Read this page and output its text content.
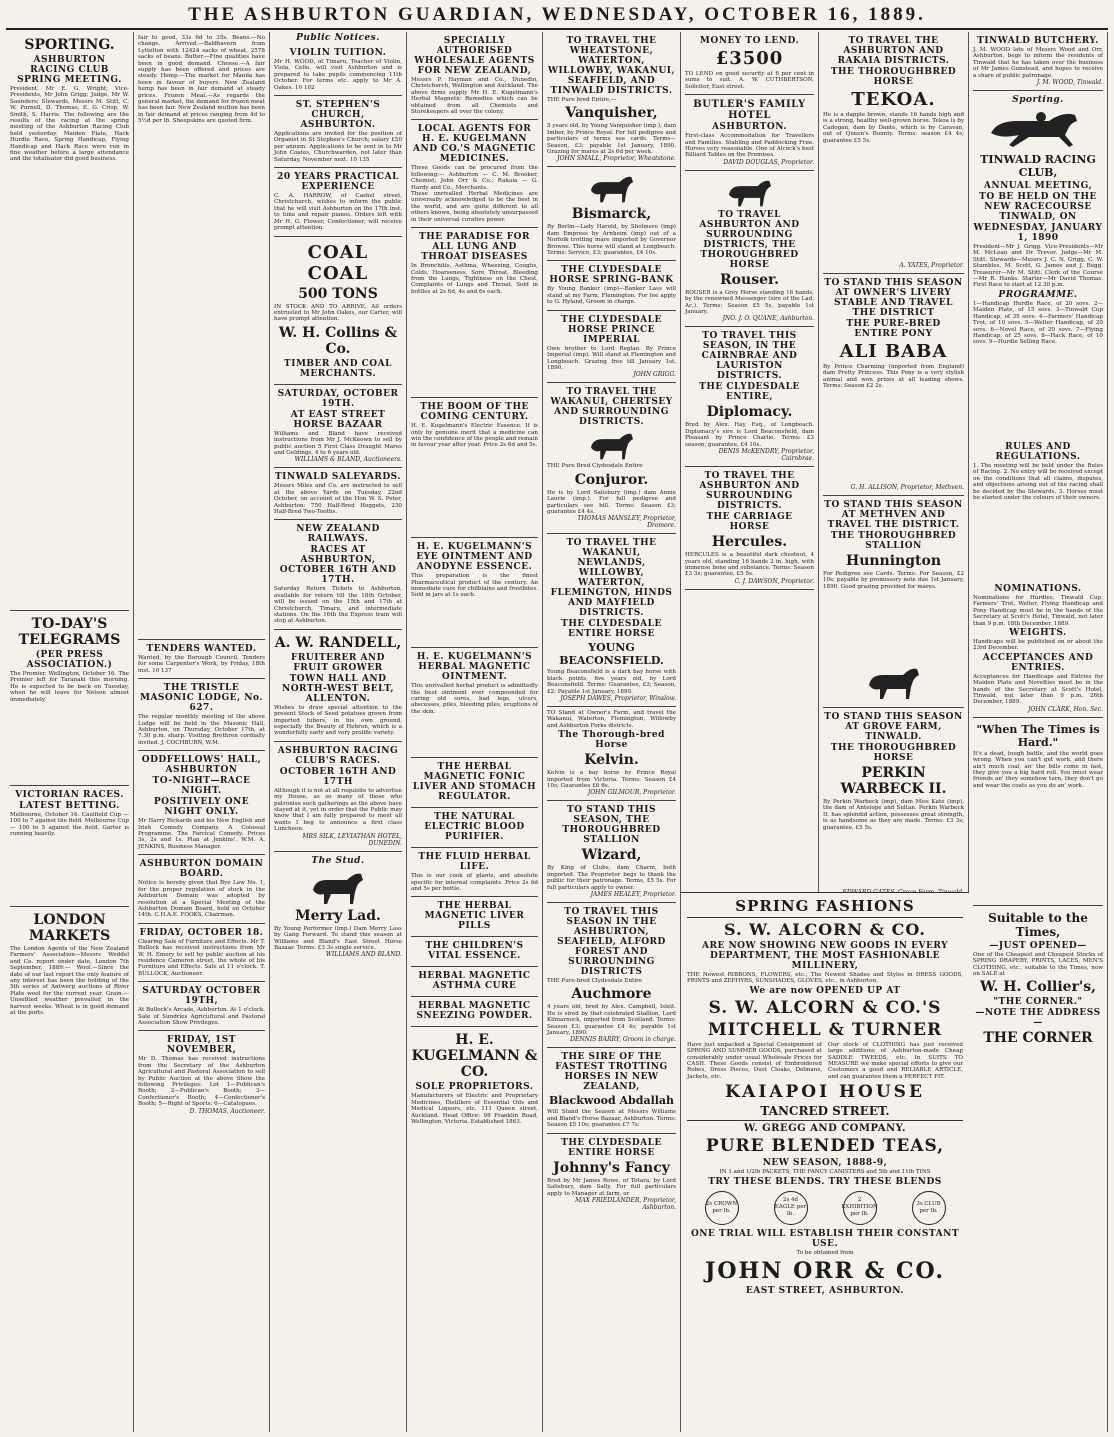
THE ASHBURTON GUARDIAN, WEDNESDAY, OCTOBER 16, 1889.
SPORTING.
ASHBURTON RACING CLUB SPRING MEETING.
President, Mr E. G. Wright; Vice-Presidents, Mr John Grigg; Judge, Mr W. Saunders; Stewards, Messrs M. Stitt, C. W. Purnell, D. Thomas, E. G. Crisp, W. Smith, S. Harris. The following are the results of the racing at the spring meeting of the Ashburton Racing Club held yesterday. Maiden Plate, Hack Hurdle Race, Spring Handicap, Flying Handicap and Hack Race were run in fine weather before a large attendance and the totalisator did good business.
TO-DAY'S TELEGRAMS
(PER PRESS ASSOCIATION.)
The Premier. Wellington, October 16. The Premier left for Taranaki this morning. He is expected to be back on Tuesday, when he will leave for Nelson almost immediately.
VICTORIAN RACES.
LATEST BETTING.
Melbourne, October 16. Caulfield Cup — 100 to 7 against the field. Melbourne Cup — 100 to 5 against the field. Garter is running heavily.
LONDON MARKETS
The London Agents of the New Zealand Farmers' Association—Messrs Weddel and Co. report under date, London 7th September, 1889:— Wool.—Since the date of our last report the only feature of any interest has been the holding of the 5th series of Antwerp auctions of River Plate wool for the current year. Grain.—Unsettled weather prevailed in the harvest weeks. Wheat is in good demand at the ports.
fair to good, 33s 6d to 35s. Beans.—No change. Arrived.—Baldhavern from Lyttelton with 12424 sacks of wheat, 2578 sacks of beans. Butter.—Fine qualities have been in good demand. Cheese.—A fair supply has been offered and prices are steady. Hemp.—The market for Manila has been in favour of buyers. New Zealand hemp has been in fair demand at steady prices. Frozen Meat.—As regards the general market, the demand for frozen meat has been fair. New Zealand mutton has been in fair demand at prices ranging from 4d to 5½d per lb. Sheepskins are quoted firm.
TENDERS WANTED.
Wanted, by the Borough Council, Tenders for some Carpenter's Work, by Friday, 18th inst. 10 137
THE TRISTLE MASONIC LODGE, No. 627.
The regular monthly meeting of the above Lodge will be held in the Masonic Hall, Ashburton, on Thursday, October 17th, at 7.30 p.m. sharp. Visiting Brethren cordially invited. J. COCHBURN, W.M.
ODDFELLOWS' HALL, ASHBURTON
TO-NIGHT—RACE NIGHT.
POSITIVELY ONE NIGHT ONLY.
Mr Harry Rickards and his New English and Irish Comedy Company. A Colossal Programme. The Farcical Comedy. Prices 3s, 2s and 1s. Plan at Jenkins'. W.M. A. JENKINS, Business Manager.
ASHBURTON DOMAIN BOARD.
Notice is hereby given that Bye Law No. 1, for the proper regulation of stock in the Ashburton Domain was adopted by resolution at a Special Meeting of the Ashburton Domain Board, held on October 14th. C.H.A.E. FOOKS, Chairman.
FRIDAY, OCTOBER 18.
Clearing Sale of Furniture and Effects. Mr T. Bullock has received instructions from Mr W. H. Emery to sell by public auction at his residence Cameron street, the whole of his Furniture and Effects. Sale at 11 o'clock. T. BULLOCK, Auctioneer.
SATURDAY OCTOBER 19TH,
At Bullock's Arcade, Ashburton. At 1 o'clock. Sale of Sundries Agricultural and Pastoral Association Show Privileges.
FRIDAY, 1ST NOVEMBER,
Mr D. Thomas has received instructions from the Secretary of the Ashburton Agricultural and Pastoral Association to sell by Public Auction at the above Show the following Privileges: Lot 1—Publican's Booth; 2—Publican's Booth; 3—Confectioner's Booth; 4—Confectioner's Booth; 5—Right of Sports; 6—Catalogues.
D. THOMAS, Auctioneer.
Public Notices.
VIOLIN TUITION.
Mr H. WOOD, of Timaru, Teacher of Violin, Viola, Cello, will visit Ashburton and is prepared to take pupils commencing 11th October. For terms etc. apply to Mr A. Oakes. 10 102
ST. STEPHEN'S CHURCH, ASHBURTON.
Applications are invited for the position of Organist in St Stephen's Church; salary £50 per annum. Applications to be sent in to Mr John Coates, Churchwarden, not later than Saturday, November next. 10 135
20 YEARS PRACTICAL EXPERIENCE
C. A. HARROW, of Cashel street, Christchurch, wishes to inform the public that he will visit Ashburton on the 17th inst. to tune and repair pianos. Orders left with Mr H. G. Flower, Confectioner, will receive prompt attention.
COAL COAL
500 TONS
IN STOCK AND TO ARRIVE. All orders entrusted to Mr John Oakes, our Carter, will have prompt attention.
W. H. Collins & Co.
TIMBER AND COAL MERCHANTS.
SATURDAY, OCTOBER 19TH.
AT EAST STREET HORSE BAZAAR
Williams and Bland have received instructions from Mr J. McKeown to sell by public auction 5 First Class Draught Mares and Geldings, 4 to 6 years old.
WILLIAMS & BLAND, Auctioneers.
TINWALD SALEYARDS.
Messrs Miles and Co. are instructed to sell at the above Yards on Tuesday, 22nd October, on account of the Hon W. S. Peter, Ashburton: 750 Half-Bred Hoggets, 230 Half-Bred Two-Tooths.
NEW ZEALAND RAILWAYS.
RACES AT ASHBURTON, OCTOBER 16TH AND 17TH.
Saturday Return Tickets to Ashburton, available for return till the 18th October, will be issued on the 15th and 17th at Christchurch, Timaru, and intermediate stations. On the 16th the Express train will stop at Ashburton.
A. W. RANDELL,
FRUITERER AND FRUIT GROWER
TOWN HALL AND NORTH-WEST BELT, ALLENTON.
Wishes to draw special attention to the present Stock of Seed potatoes grown from imported tubers, in his own ground, especially the Beauty of Hebron, which is a wonderfully early and very prolific variety.
ASHBURTON RACING CLUB'S RACES.
OCTOBER 16TH AND 17TH
Although it is not at all requisite to advertise my House, as so many of those who patronise such gatherings as the above have stayed at it, yet in order that the Public may know that I am fully prepared to meet all wants I beg to announce a first class Luncheon.
MRS SILK, LEVIATHAN HOTEL, DUNEDIN.
The Stud.
Merry Lad.
By Young Performer (imp.) Dam Merry Lass by Gang Forward. To stand this season at Williams and Bland's East Street Horse Bazaar. Terms: £3 3s single service.
WILLIAMS AND BLAND.
SPECIALLY AUTHORISED WHOLESALE AGENTS FOR NEW ZEALAND,
Messrs P. Hayman and Co., Dunedin, Christchurch, Wellington and Auckland. The above firms supply Mr H. E. Kugelmann's Herbal Magnetic Remedies which can be obtained from all Chemists and Storekeepers all over the colony.
LOCAL AGENTS FOR H. E. KUGELMANN AND CO.'S MAGNETIC MEDICINES.
These Goods can be procured from the following:— Ashburton — C. M. Brooker, Chemist; John Orr & Co.; Rakaia — G. Hardy and Co., Merchants.
These unrivalled Herbal Medicines are universally acknowledged to be the best in the world, and are quite different to all others known, being absolutely unsurpassed in their universal curative power.
THE PARADISE FOR ALL LUNG AND THROAT DISEASES
In Bronchitis, Asthma, Wheezing, Coughs, Colds, Hoarseness, Sore Throat, Bleeding from the Lungs, Tightness on the Chest, Complaints of Lungs and Throat. Sold in bottles at 2s 6d, 4s and 6s each.
THE BOOM OF THE COMING CENTURY.
H. E. Kugelmann's Electric Essence. It is only by genuine merit that a medicine can win the confidence of the people and remain in favour year after year. Price 2s 6d and 5s.
H. E. KUGELMANN'S EYE OINTMENT AND ANODYNE ESSENCE.
This preparation is the finest Pharmaceutical product of the century. An immediate cure for chilblains and frostbites. Sold in jars at 1s each.
H. E. KUGELMANN'S HERBAL MAGNETIC OINTMENT.
This unrivalled herbal product is admittedly the best ointment ever compounded for curing old sores, bad legs, ulcers, abscesses, piles, bleeding piles, eruptions of the skin.
THE HERBAL MAGNETIC FONIC LIVER AND STOMACH REGULATOR.
THE NATURAL ELECTRIC BLOOD PURIFIER.
THE FLUID HERBAL LIFE.
This is our cook of plants, and absolute specific for internal complaints. Price 2s 6d and 5s per bottle.
THE HERBAL MAGNETIC LIVER PILLS
THE CHILDREN'S VITAL ESSENCE.
HERBAL MAGNETIC ASTHMA CURE
HERBAL MAGNETIC SNEEZING POWDER.
H. E. KUGELMANN & CO.
SOLE PROPRIETORS.
Manufacturers of Electric and Proprietary Medicines, Distillers of Essential Oils and Medical Liquors, etc. 111 Queen street, Auckland. Head Office: 98 Franklin Road, Wellington, Victoria. Established 1863.
TO TRAVEL THE WHEATSTONE, WATERTON, WILLOWBY, WAKANUI, SEAFIELD, AND TINWALD DISTRICTS.
THE Pure bred Entire,—
Vanquisher,
5 years old, by Young Vanquisher (imp.), dam Imber, by Prince Royal. For full pedigree and particulars of terms see cards. Terms—Season, £3; payable 1st January, 1890. Grazing for mares at 2s 6d per week.
JOHN SMALL, Proprietor, Wheatstone.
Bismarck,
By Berlin—Lady Harold, by Sholmere (imp) dam Empress by Arnheim (imp) out of a Norfolk trotting mare imported by Governor Browne. This horse will stand at Longbeach. Terms: Service, £3; guarantee, £4 10s.
THE CLYDESDALE HORSE SPRING-BANK
By Young Banker (imp)—Banker Lass will stand at my Farm, Flemington. For fee apply to G. Hyland, Groom in charge.
THE CLYDESDALE HORSE PRINCE IMPERIAL
Own brother to Lord Reglan. By Prince Imperial (imp). Will stand at Flemington and Longbeach. Grazing free till January 1st, 1890.
JOHN GRIGG.
TO TRAVEL THE WAKANUI, CHERTSEY AND SURROUNDING DISTRICTS.
THE Pure Bred Clydesdale Entire
Conjuror.
He is by Lord Salisbury (imp.) dam Annie Laurie (imp.). For full pedigree and particulars see bill. Terms: Season £3; guarantee £4 4s.
THOMAS MANSLEY, Proprietor, Dromore.
TO TRAVEL THE WAKANUI, NEWLANDS, WILLOWBY, WATERTON, FLEMINGTON, HINDS AND MAYFIELD DISTRICTS.
THE CLYDESDALE ENTIRE HORSE
YOUNG BEACONSFIELD.
Young Beaconsfield is a dark bay horse with black points, five years old, by Lord Beaconsfield. Terms: Guarantee, £3; Season, £2; Payable 1st January, 1890.
JOSEPH DAWES, Proprietor, Winslow.
TO Stand at Owner's Farm, and travel the Wakanui, Waterton, Flemington, Willowby and Ashburton Forks districts.
The Thorough-bred Horse
Kelvin.
Kelvin is a bay horse by Prince Royal imported from Victoria. Terms: Season £4 10s; Guarantee £6 6s.
JOHN GILMOUR, Proprietor.
TO STAND THIS SEASON, THE THOROUGHBRED STALLION
Wizard,
By King of Clubs, dam Charm, both imported. The Proprietor begs to thank the public for their patronage. Terms, £5 5s. For full particulars apply to owner.
JAMES HEALEY, Proprietor.
TO TRAVEL THIS SEASON IN THE ASHBURTON, SEAFIELD, ALFORD FOREST AND SURROUNDING DISTRICTS
THE Pure-bred Clydesdale Entire
Auchmore
4 years old, bred by Alex. Campbell, Isleit. He is sired by that celebrated Stallion, Lord Kilmarnock, imported from Scotland. Terms: Season £3; guarantee £4 4s; payable 1st January, 1890.
DENNIS BARRY, Groom in charge.
THE SIRE OF THE FASTEST TROTTING HORSES IN NEW ZEALAND,
Blackwood Abdallah
Will Stand the Season at Messrs Williams and Bland's Horse Bazaar, Ashburton. Terms: Season £5 10s; guarantee £7 7s.
THE CLYDESDALE ENTIRE HORSE
Johnny's Fancy
Bred by Mr James Rowe, of Totara, by Lord Salisbury, dam Sally. For full particulars apply to Manager at farm, or
MAX FRIEDLANDER, Proprietor, Ashburton.
MONEY TO LEND.
£3500
TO LEND on good security at 6 per cent in sums to suit. A. W. CUTHBERTSON, Solicitor, East street.
BUTLER'S FAMILY HOTEL
ASHBURTON.
First-class Accommodation for Travellers and Families. Stabling and Paddocking Free. Horses very reasonable. One of Alcock's best Billiard Tables on the Premises.
DAVID DOUGLAS, Proprietor.
TO TRAVEL ASHBURTON AND SURROUNDING DISTRICTS, THE THOROUGHBRED HORSE
Rouser.
ROUSER is a Grey Horse standing 16 hands, by the renowned Messenger (sire of the Lad, Ac.). Terms: Season £5 5s, payable 1st January.
JNO. J. O. QUANE, Ashburton.
TO TRAVEL THIS SEASON, IN THE CAIRNBRAE AND LAURISTON DISTRICTS.
THE CLYDESDALE ENTIRE,
Diplomacy.
Bred by Alex. Hay, Esq., of Longbeach. Diplomacy's sire is Lord Beaconsfield, dam Pleasant by Prince Charlie. Terms: £3 season, guarantee, £4 10s.
DENIS McKENDRY, Proprietor, Cairnbrae.
TO TRAVEL THE ASHBURTON AND SURROUNDING DISTRICTS.
THE CARRIAGE HORSE
Hercules.
HERCULES is a beautiful dark chestnut, 4 years old, standing 16 hands 2 in. high, with immense bone and substance. Terms: Season £3 3s; guarantee, £5 5s.
C. J. DAWSON, Proprietor.
TO TRAVEL THE ASHBURTON AND RAKAIA DISTRICTS.
THE THOROUGHBRED HORSE
TEKOA.
He is a dapple brown, stands 16 hands high and is a strong, healthy well-grown horse. Tekoa is by Cadogan, dam by Dante, which is by Caravan, out of Queen's Bounty. Terms: season £4 4s; guarantee £5 5s.
A. YATES, Proprietor.
TO STAND THIS SEASON AT OWNER'S LIVERY STABLE AND TRAVEL THE DISTRICT
THE PURE-BRED ENTIRE PONY
ALI BABA
By Prince Charming (imported from England) dam Pretty Princess. This Pony is a very stylish animal and won prizes at all leading shows. Terms: Season £2 2s.
G. H. ALLISON, Proprietor, Methven.
TO STAND THIS SEASON AT METHVEN AND TRAVEL THE DISTRICT.
THE THOROUGHBRED STALLION
Hunnington
For Pedigree see Cards. Terms: For Season, £2 10s; payable by promissory note due 1st January, 1890. Good grazing provided for mares.
TO STAND THIS SEASON AT GROVE FARM, TINWALD.
THE THOROUGHBRED HORSE
PERKIN WARBECK II.
By Perkin Warbeck (imp), dam Miss Kate (imp), the dam of Antelope and Sultan. Perkin Warbeck II. has splendid action, possesses great strength, is as handsome as they are made. Terms: £3 3s; guarantee, £5 5s.
TINWALD BUTCHERY.
J. M. WOOD late of Messrs Wood and Orr, Ashburton, begs to inform the residents of Tinwald that he has taken over the business of Mr James Gunstead, and hopes to receive a share of public patronage.
J. M. WOOD, Tinwald.
Sporting.
TINWALD RACING CLUB,
ANNUAL MEETING,
TO BE HELD ON THE NEW RACECOURSE TINWALD, ON
WEDNESDAY, JANUARY 1, 1890
President—Mr J. Grigg. Vice-Presidents—Mr M. McLean and Dr Trevor. Judge—Mr M. Stitt. Stewards—Messrs J. C. N. Grigg, C. W. Stumbles, M. Scott, G. James and J. Begg. Treasurer—Mr M. Stitt. Clerk of the Course—Mr R. Hanks. Starter—Mr David Thomas. First Race to start at 12.30 p.m.
PROGRAMME.
1—Handicap Hurdle Race, of 20 sovs. 2—Maiden Plate, of 15 sovs. 3—Tinwald Cup Handicap, of 35 sovs. 4—Farmers' Handicap Trot, of 10 sovs. 5—Welter Handicap, of 20 sovs. 6—Novel Race, of 20 sovs. 7—Flying Handicap, of 25 sovs. 8—Hack Race, of 10 sovs. 9—Hurdle Selling Race.
RULES AND REGULATIONS.
1. The meeting will be held under the Rules of Racing. 2. No entry will be received except on the conditions that all claims, disputes, and objections arising out of the racing shall be decided by the Stewards. 3. Horses must be started under the colours of their owners.
NOMINATIONS.
Nominations for Hurdles, Tinwald Cup, Farmers' Trot, Welter, Flying Handicap and Pony Handicap must be in the hands of the Secretary at Scott's Hotel, Tinwald, not later than 9 p.m. 18th December, 1889.
WEIGHTS.
Handicaps will be published on or about the 23rd December.
ACCEPTANCES AND ENTRIES.
Acceptances for Handicaps and Entries for Maiden Plate and Novelties must be in the hands of the Secretary at Scott's Hotel, Tinwald, not later than 9 p.m. 26th December, 1889.
JOHN CLARK, Hon. Sec.
"When The Times is Hard."
It's a dead, tough battle, and the world goes wrong. When you can't get work, and there ain't much coal, an' the bills come in fast, they give you a big hard roll. You must wear friends an' they somehow turn, they don't go and wear the coats as you do an' work.
Suitable to the Times,
—JUST OPENED—
One of the Cheapest and Cheapest Stocks of SPRING DRAPERY, PRINTS, LACES, MEN'S CLOTHING, etc., suitable to the Times, now on SALE at
W. H. Collier's,
"THE CORNER."
—NOTE THE ADDRESS—
THE CORNER
SPRING FASHIONS
S. W. ALCORN & CO.
ARE NOW SHOWING NEW GOODS IN EVERY DEPARTMENT, THE MOST FASHIONABLE MILLINERY,
THE Newest RIBBONS, FLOWERS, etc., The Newest Shades and Styles in DRESS GOODS, PRINTS and ZEPHYRS, SUNSHADES, GLOVES, etc., in Ashburton.
We are now OPENED UP AT
S. W. ALCORN & CO.'S
MITCHELL & TURNER
Have just unpacked a Special Consignment of SPRING AND SUMMER GOODS, purchased at considerably under usual Wholesale Prices for CASH. These Goods consist of Embroidered Robes, Dress Pieces, Dust Cloaks, Dolmans, Jackets, etc.
Our stock of CLOTHING has just received large additions of Ashburton-made Cheap SADDLE TWEEDS, etc. In SUITS TO MEASURE we make special efforts to give our Customers a good and RELIABLE ARTICLE, and can guarantee them a PERFECT FIT.
KAIAPOI HOUSE
TANCRED STREET.
W. GREGG AND COMPANY.
PURE BLENDED TEAS,
NEW SEASON, 1888-9,
IN 1 and 1/2lb PACKETS, THE FANCY CANISTERS and 5lb and 11lb TINS
TRY THESE BLENDS. TRY THESE BLENDS
2s CROWN per lb.
2s 4d EAGLE per lb.
2 EXHIBITION per lb.
3s CLUB per lb.
ONE TRIAL WILL ESTABLISH THEIR CONSTANT USE.
To be obtained from
JOHN ORR & CO.
EAST STREET, ASHBURTON.
